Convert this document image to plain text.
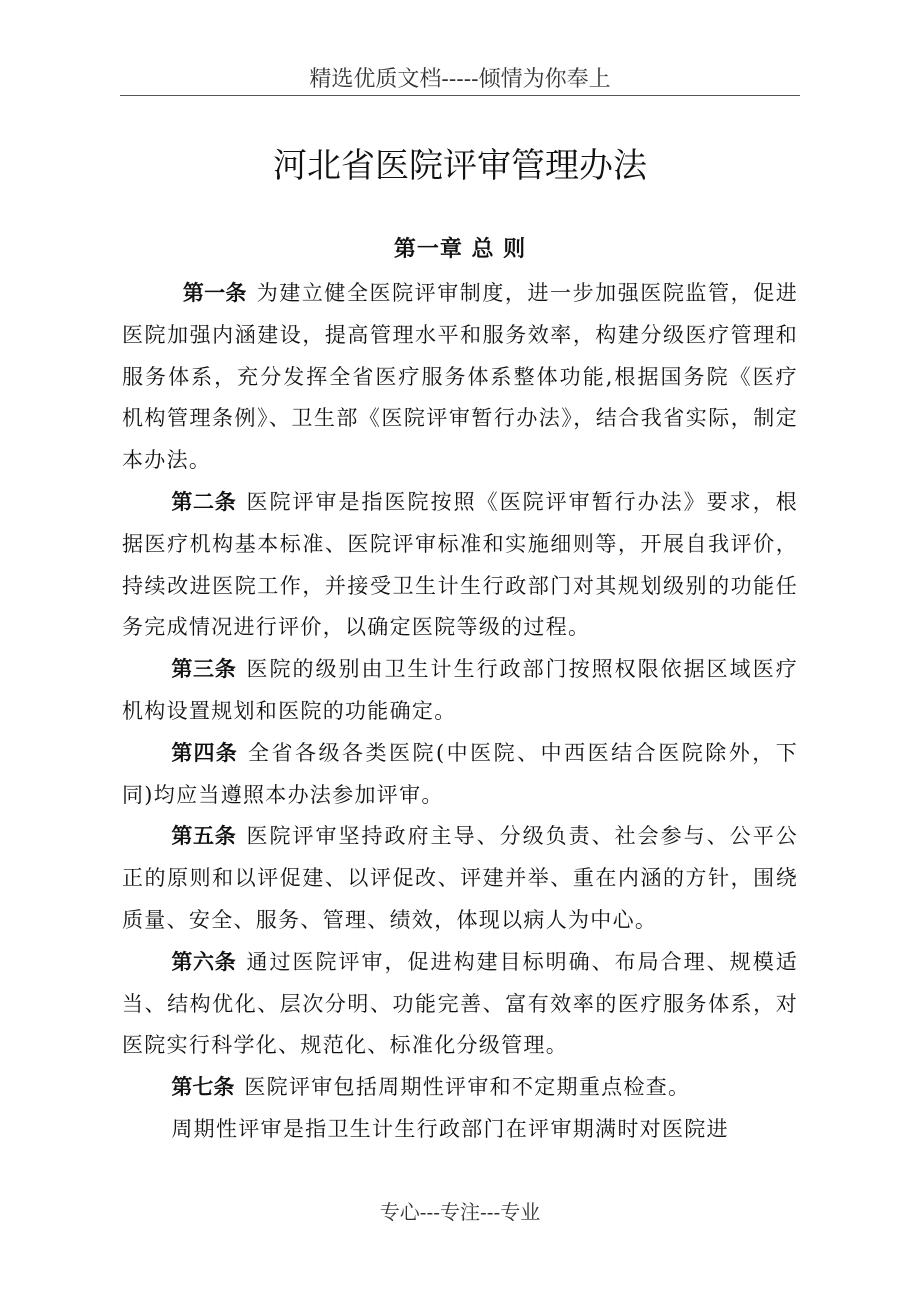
精选优质文档-----倾情为你奉上
河北省医院评审管理办法
第一章 总 则

第一条 为建立健全医院评审制度，进一步加强医院监管，促进医院加强内涵建设，提高管理水平和服务效率，构建分级医疗管理和服务体系，充分发挥全省医疗服务体系整体功能,根据国务院《医疗机构管理条例》、卫生部《医院评审暂行办法》，结合我省实际，制定本办法。

第二条 医院评审是指医院按照《医院评审暂行办法》要求，根据医疗机构基本标准、医院评审标准和实施细则等，开展自我评价，持续改进医院工作，并接受卫生计生行政部门对其规划级别的功能任务完成情况进行评价，以确定医院等级的过程。

第三条 医院的级别由卫生计生行政部门按照权限依据区域医疗机构设置规划和医院的功能确定。

第四条 全省各级各类医院(中医院、中西医结合医院除外，下同)均应当遵照本办法参加评审。

第五条 医院评审坚持政府主导、分级负责、社会参与、公平公正的原则和以评促建、以评促改、评建并举、重在内涵的方针，围绕质量、安全、服务、管理、绩效，体现以病人为中心。

第六条 通过医院评审，促进构建目标明确、布局合理、规模适当、结构优化、层次分明、功能完善、富有效率的医疗服务体系，对医院实行科学化、规范化、标准化分级管理。

第七条 医院评审包括周期性评审和不定期重点检查。

周期性评审是指卫生计生行政部门在评审期满时对医院进

专心---专注---专业
